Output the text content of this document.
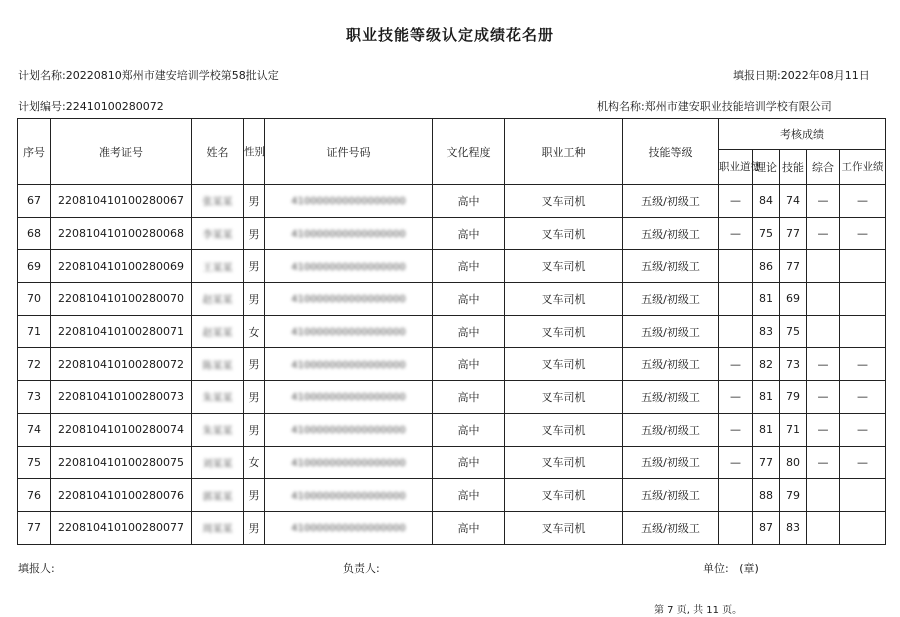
职业技能等级认定成绩花名册
计划名称:20220810郑州市建安培训学校第58批认定	填报日期:2022年08月11日
计划编号:22410100280072	机构名称:郑州市建安职业技能培训学校有限公司
序号	准考证号	姓名	性别	证件号码	文化程度	职业工种	技能等级	考核成绩				
								职业道德	理论	技能	综合	工作业绩
67	220810410100280067	张某某	男	410000000000000000	高中	叉车司机	五级/初级工	—	84	74	—	—
68	220810410100280068	李某某	男	410000000000000000	高中	叉车司机	五级/初级工	—	75	77	—	—
69	220810410100280069	王某某	男	410000000000000000	高中	叉车司机	五级/初级工		86	77		
70	220810410100280070	赵某某	男	410000000000000000	高中	叉车司机	五级/初级工		81	69		
71	220810410100280071	赵某某	女	410000000000000000	高中	叉车司机	五级/初级工		83	75		
72	220810410100280072	陈某某	男	410000000000000000	高中	叉车司机	五级/初级工	—	82	73	—	—
73	220810410100280073	朱某某	男	410000000000000000	高中	叉车司机	五级/初级工	—	81	79	—	—
74	220810410100280074	朱某某	男	410000000000000000	高中	叉车司机	五级/初级工	—	81	71	—	—
75	220810410100280075	刘某某	女	410000000000000000	高中	叉车司机	五级/初级工	—	77	80	—	—
76	220810410100280076	郭某某	男	410000000000000000	高中	叉车司机	五级/初级工		88	79		
77	220810410100280077	周某某	男	410000000000000000	高中	叉车司机	五级/初级工		87	83		
填报人:	负责人:	单位: (章)
第 7 页, 共 11 页。
